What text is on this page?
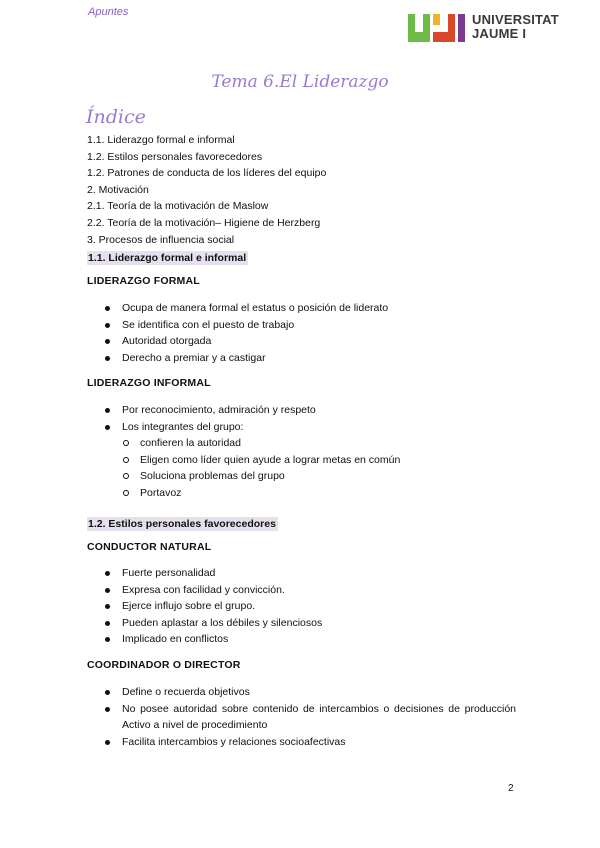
Apuntes	UNIVERSITAT
JAUME I
Tema 6.El Liderazgo
Índice
1.1. Liderazgo formal e informal
1.2. Estilos personales favorecedores
1.2. Patrones de conducta de los líderes del equipo
2. Motivación
2.1. Teoría de la motivación de Maslow
2.2. Teoría de la motivación– Higiene de Herzberg
3. Procesos de influencia social
1.1. Liderazgo formal e informal
LIDERAZGO FORMAL
Ocupa de manera formal el estatus o posición de liderato
Se identifica con el puesto de trabajo
Autoridad otorgada
Derecho a premiar y a castigar
LIDERAZGO INFORMAL
Por reconocimiento, admiración y respeto
Los integrantes del grupo:
confieren la autoridad
Eligen como líder quien ayude a lograr metas en común
Soluciona problemas del grupo
Portavoz
1.2. Estilos personales favorecedores
CONDUCTOR NATURAL
Fuerte personalidad
Expresa con facilidad y convicción.
Ejerce influjo sobre el grupo.
Pueden aplastar a los débiles y silenciosos
Implicado en conflictos
COORDINADOR O DIRECTOR
Define o recuerda objetivos
No posee autoridad sobre contenido de intercambios o decisiones de producción Activo a nivel de procedimiento
Facilita intercambios y relaciones socioafectivas
2
